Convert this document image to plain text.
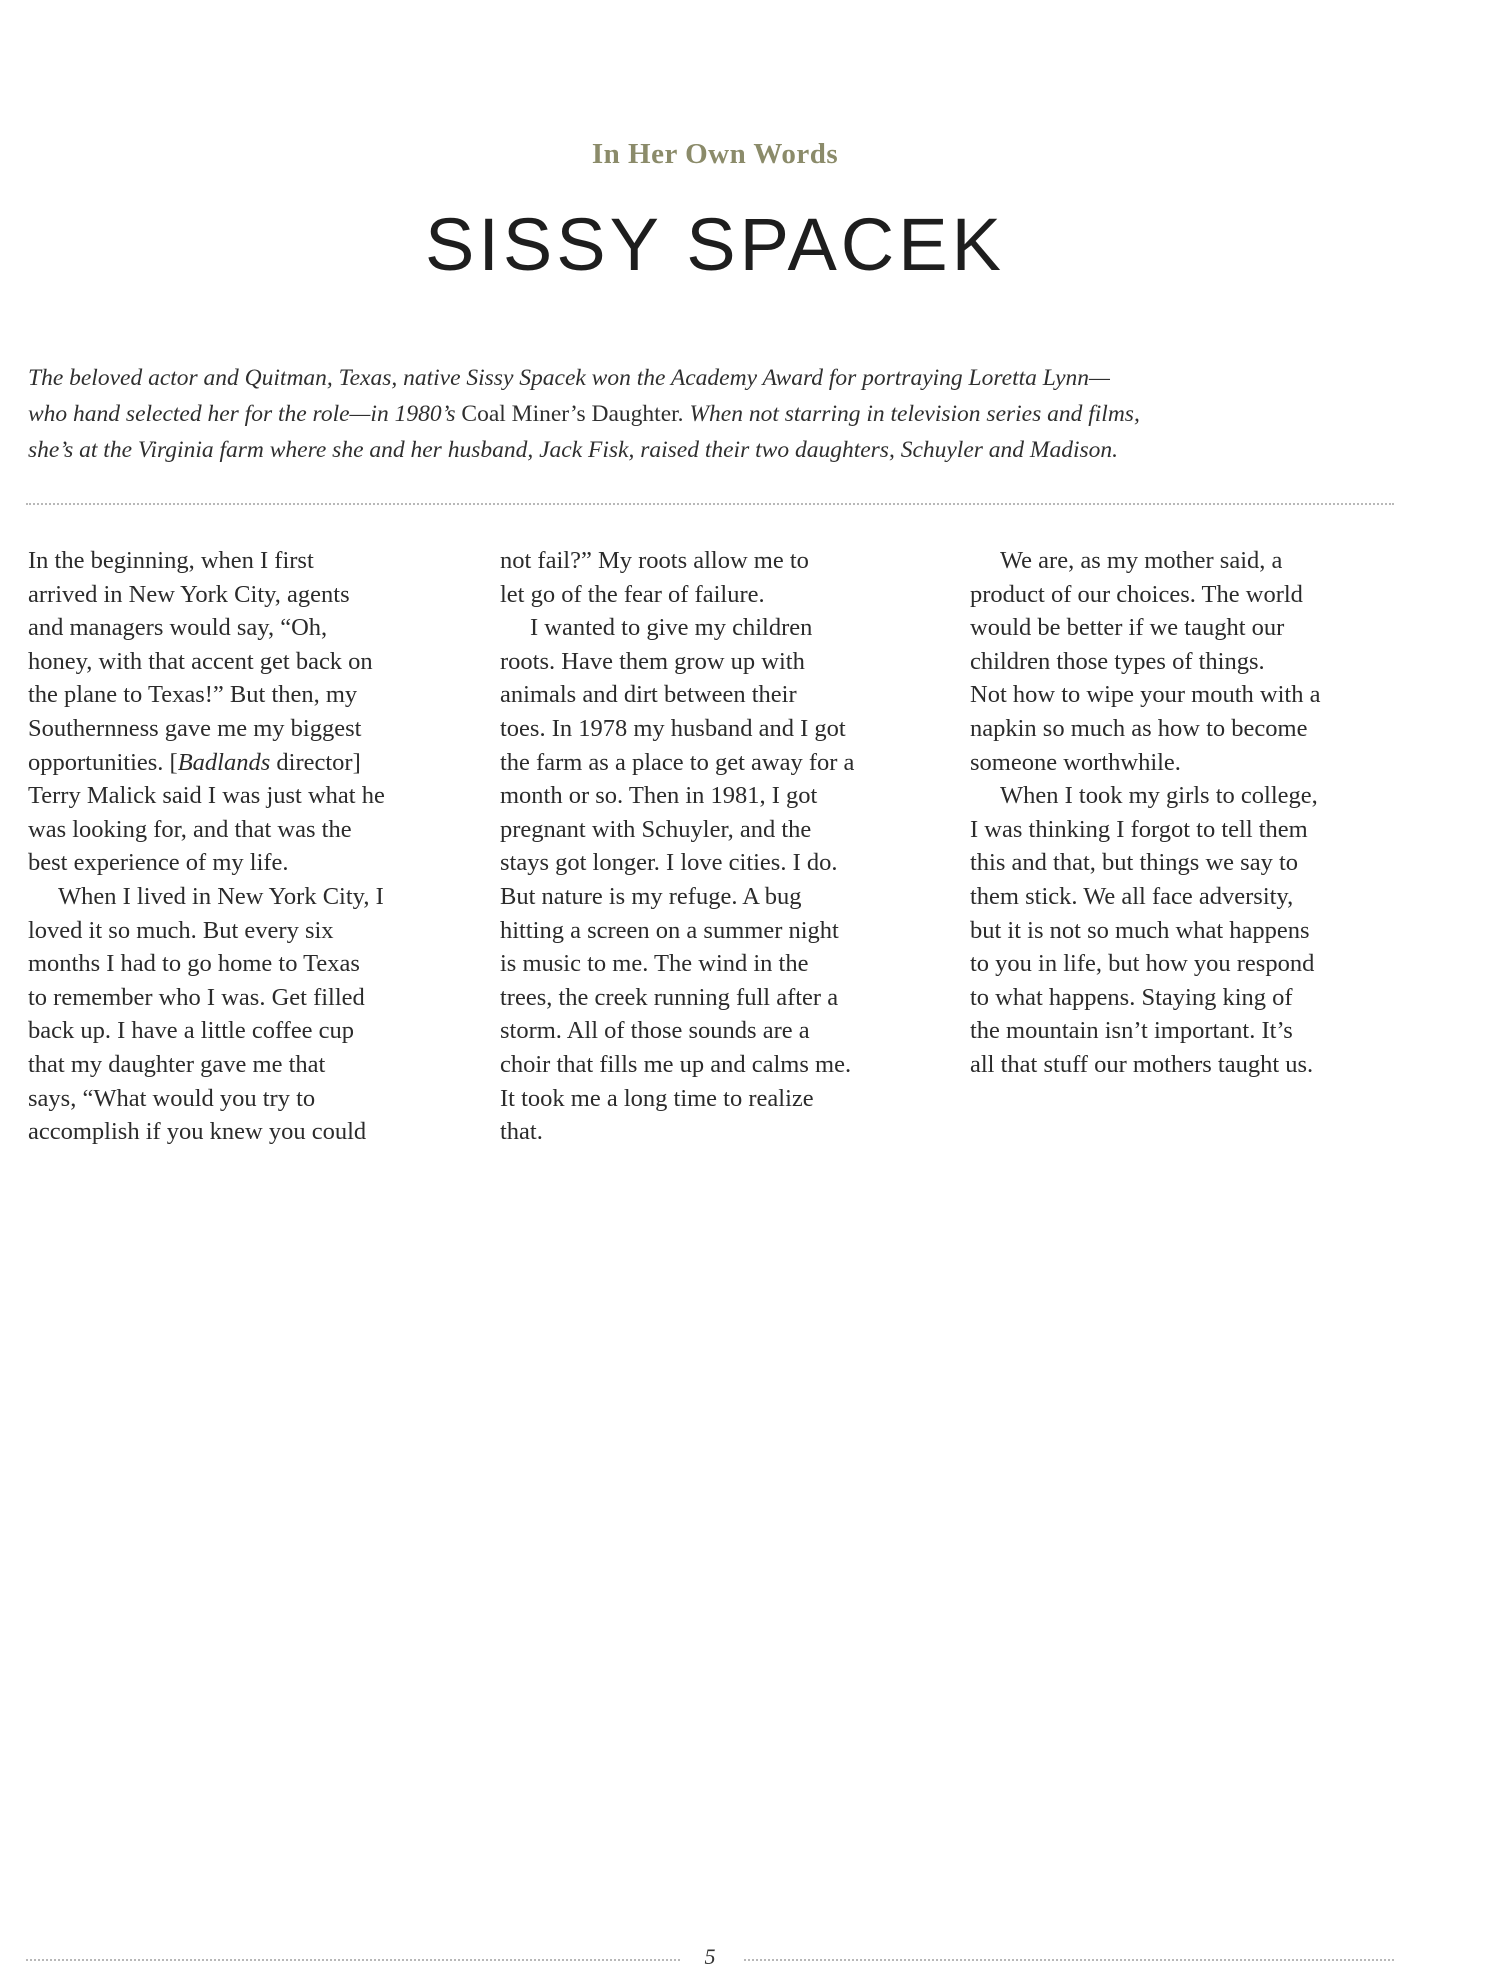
In Her Own Words
SISSY SPACEK
The beloved actor and Quitman, Texas, native Sissy Spacek won the Academy Award for portraying Loretta Lynn—
who hand selected her for the role—in 1980’s Coal Miner’s Daughter. When not starring in television series and films,
she’s at the Virginia farm where she and her husband, Jack Fisk, raised their two daughters, Schuyler and Madison.

In the beginning, when I first

arrived in New York City, agents

and managers would say, “Oh,

honey, with that accent get back on

the plane to Texas!” But then, my

Southernness gave me my biggest

opportunities. [Badlands director]

Terry Malick said I was just what he

was looking for, and that was the

best experience of my life.

When I lived in New York City, I

loved it so much. But every six

months I had to go home to Texas

to remember who I was. Get filled

back up. I have a little coffee cup

that my daughter gave me that

says, “What would you try to

accomplish if you knew you could

not fail?” My roots allow me to

let go of the fear of failure.

I wanted to give my children

roots. Have them grow up with

animals and dirt between their

toes. In 1978 my husband and I got

the farm as a place to get away for a

month or so. Then in 1981, I got

pregnant with Schuyler, and the

stays got longer. I love cities. I do.

But nature is my refuge. A bug

hitting a screen on a summer night

is music to me. The wind in the

trees, the creek running full after a

storm. All of those sounds are a

choir that fills me up and calms me.

It took me a long time to realize

that.

We are, as my mother said, a

product of our choices. The world

would be better if we taught our

children those types of things.

Not how to wipe your mouth with a

napkin so much as how to become

someone worthwhile.

When I took my girls to college,

I was thinking I forgot to tell them

this and that, but things we say to

them stick. We all face adversity,

but it is not so much what happens

to you in life, but how you respond

to what happens. Staying king of

the mountain isn’t important. It’s

all that stuff our mothers taught us.

5
